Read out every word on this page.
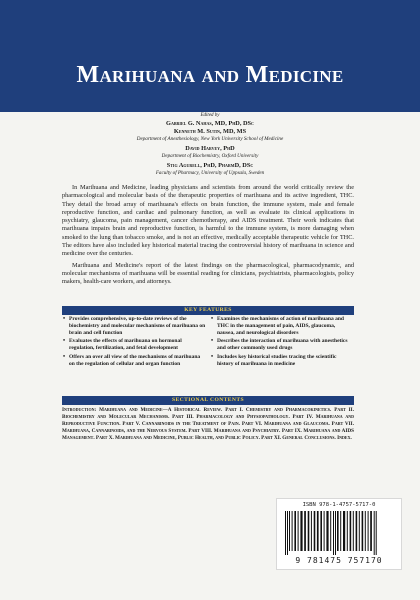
Marihuana and Medicine
Edited by
Gabriel G. Nahas, MD, PhD, DSc
Kenneth M. Sutin, MD, MS
Department of Anesthesiology, New York University School of Medicine
David Harvey, PhD
Department of Biochemistry, Oxford University
Stig Agurell, PhD, PharmD, DSc
Faculty of Pharmacy, University of Uppsala, Sweden

In Marihuana and Medicine, leading physicians and scientists from around the world critically review the pharmacological and molecular basis of the therapeutic properties of marihuana and its active ingredient, THC. They detail the broad array of marihuana's effects on brain function, the immune system, male and female reproductive function, and cardiac and pulmonary function, as well as evaluate its clinical applications in psychiatry, glaucoma, pain management, cancer chemotherapy, and AIDS treatment. Their work indicates that marihuana impairs brain and reproductive function, is harmful to the immune system, is more damaging when smoked to the lung than tobacco smoke, and is not an effective, medically acceptable therapeutic vehicle for THC. The editors have also included key historical material tracing the controversial history of marihuana in science and medicine over the centuries.

Marihuana and Medicine's report of the latest findings on the pharmacological, pharmacodynamic, and molecular mechanisms of marihuana will be essential reading for clinicians, psychiatrists, pharmacologists, policy makers, health-care workers, and attorneys.

KEY FEATURES
• Provides comprehensive, up-to-date reviews of the biochemistry and molecular mechanisms of marihuana on brain and cell function
• Evaluates the effects of marihuana on hormonal regulation, fertilization, and fetal development
• Offers an over all view of the mechanisms of marihuana on the regulation of cellular and organ function
• Examines the mechanisms of action of marihuana and THC in the management of pain, AIDS, glaucoma, nausea, and neurological disorders
• Describes the interaction of marihuana with anesthetics and other commonly used drugs
• Includes key historical studies tracing the scientific history of marihuana in medicine
SECTIONAL CONTENTS
Introduction: Marihuana and Medicine—A Historical Review. Part I. Chemistry and Pharmacokinetics. Part II. Biochemistry and Molecular Mechanisms. Part III. Pharmacology and Physiopathology. Part IV. Marihuana and Reproductive Function. Part V. Cannabinoids in the Treatment of Pain. Part VI. Marihuana and Glaucoma. Part VII. Marihuana, Cannabinoids, and the Nervous System. Part VIII. Marihuana and Psychiatry. Part IX. Marihuana and AIDS Management. Part X. Marihuana and Medicine, Public Health, and Public Policy. Part XI. General Conclusions. Index.
ISBN 978-1-4757-5717-0
9 781475 757170
